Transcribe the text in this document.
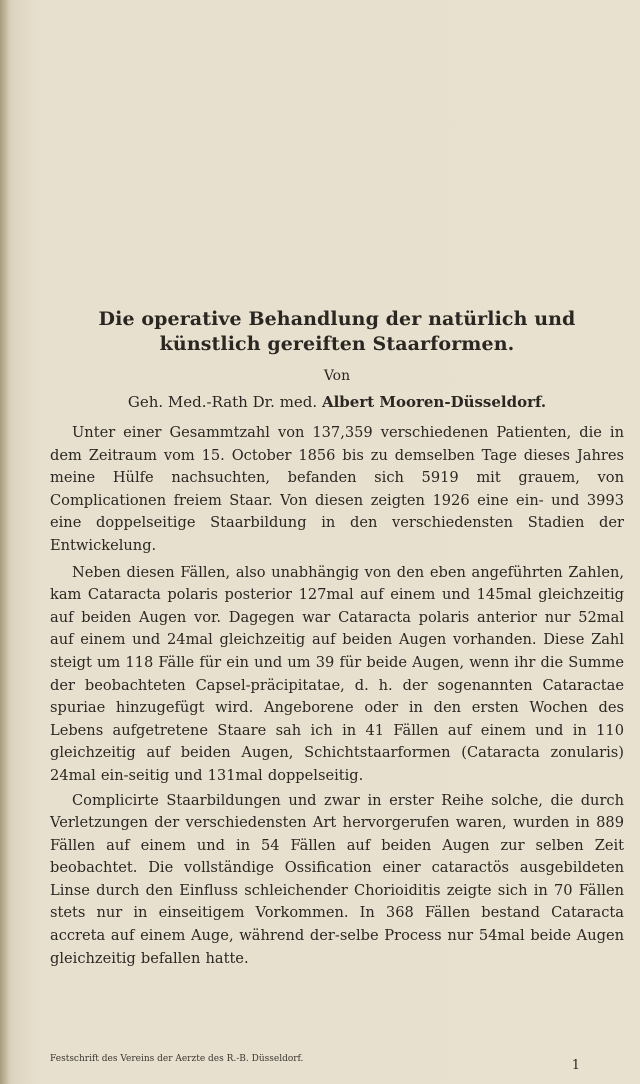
Die operative Behandlung der natürlich und
künstlich gereiften Staarformen.
Von
Geh. Med.-Rath Dr. med. Albert Mooren-Düsseldorf.

Unter einer Gesammtzahl von 137,359 verschiedenen Patienten, die in dem Zeitraum vom 15. October 1856 bis zu demselben Tage dieses Jahres meine Hülfe nachsuchten, befanden sich 5919 mit grauem, von Complicationen freiem Staar. Von diesen zeigten 1926 eine ein- und 3993 eine doppelseitige Staarbildung in den verschiedensten Stadien der Entwickelung.

Neben diesen Fällen, also unabhängig von den eben angeführten Zahlen, kam Cataracta polaris posterior 127mal auf einem und 145mal gleichzeitig auf beiden Augen vor. Dagegen war Cataracta polaris anterior nur 52mal auf einem und 24mal gleichzeitig auf beiden Augen vorhanden. Diese Zahl steigt um 118 Fälle für ein und um 39 für beide Augen, wenn ihr die Summe der beobachteten Capsel-präcipitatae, d. h. der sogenannten Cataractae spuriae hinzugefügt wird. Angeborene oder in den ersten Wochen des Lebens aufgetretene Staare sah ich in 41 Fällen auf einem und in 110 gleichzeitig auf beiden Augen, Schichtstaarformen (Cataracta zonularis) 24mal ein-seitig und 131mal doppelseitig.

Complicirte Staarbildungen und zwar in erster Reihe solche, die durch Verletzungen der verschiedensten Art hervorgerufen waren, wurden in 889 Fällen auf einem und in 54 Fällen auf beiden Augen zur selben Zeit beobachtet. Die vollständige Ossification einer cataractös ausgebildeten Linse durch den Einfluss schleichender Chorioiditis zeigte sich in 70 Fällen stets nur in einseitigem Vorkommen. In 368 Fällen bestand Cataracta accreta auf einem Auge, während der-selbe Process nur 54mal beide Augen gleichzeitig befallen hatte.

Festschrift des Vereins der Aerzte des R.-B. Düsseldorf.	1
